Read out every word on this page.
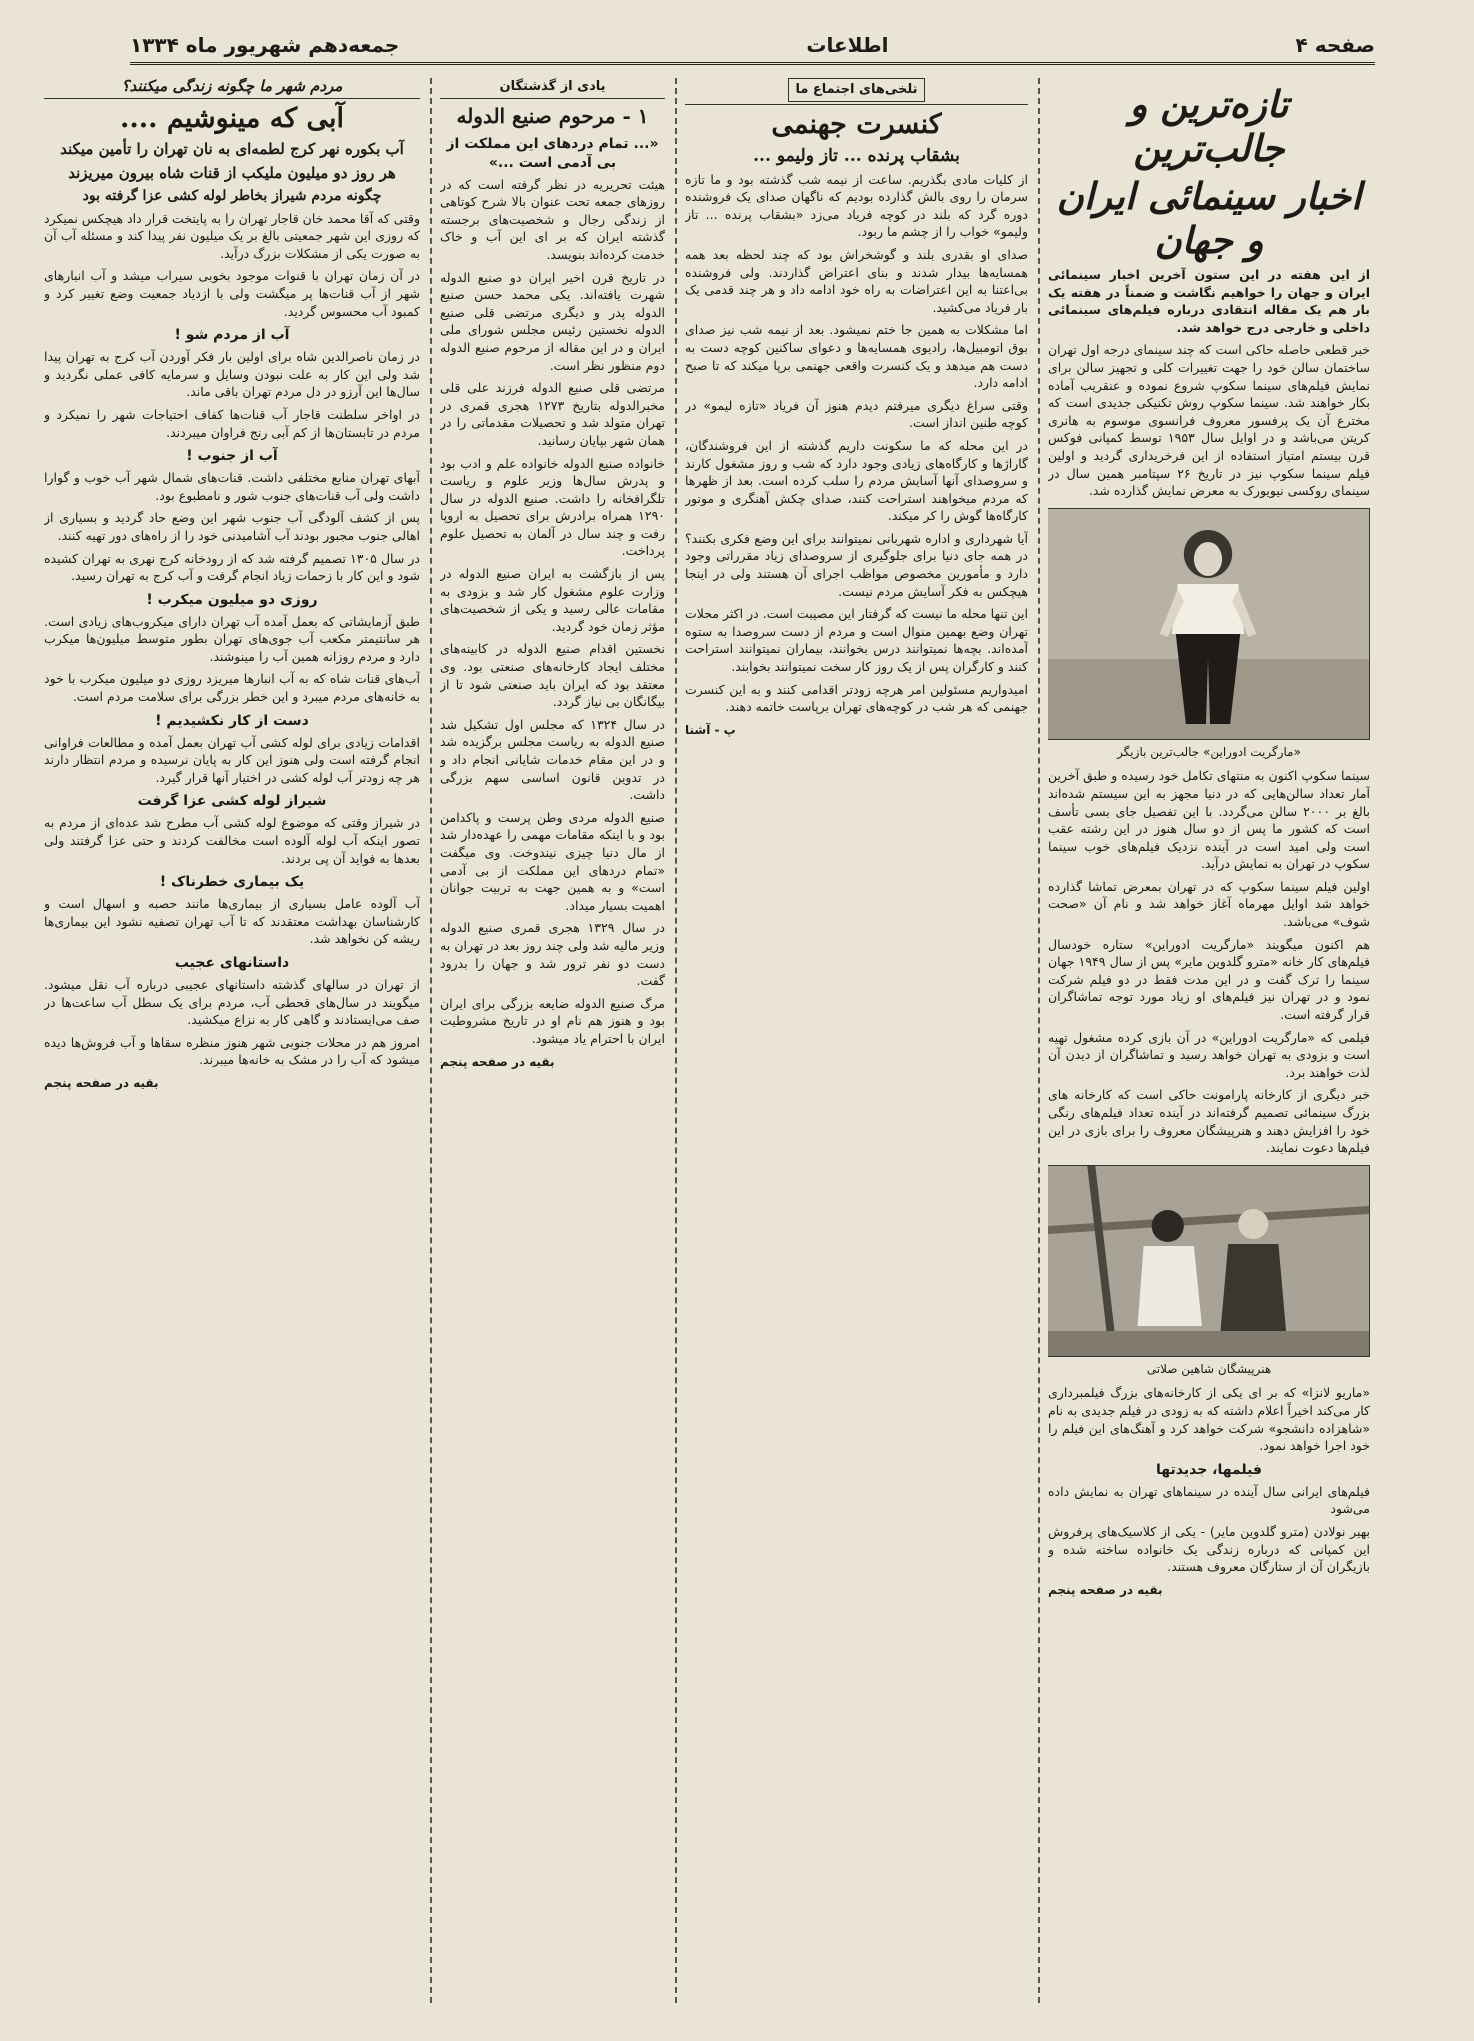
صفحه ۴
اطلاعات
جمعه‌دهم شهریور ماه ۱۳۳۴
تازه‌ترین و جالب‌ترین
اخبار سینمائی ایران و جهان

از این هفته در این ستون آخرین اخبار سینمائی ایران و جهان را خواهیم نگاشت و ضمناً در هفته یک بار هم یک مقاله انتقادی درباره فیلم‌های سینمائی داخلی و خارجی درج خواهد شد.

خبر قطعی حاصله حاکی است که چند سینمای درجه اول تهران ساختمان سالن خود را جهت تغییرات کلی و تجهیز سالن برای نمایش فیلم‌های سینما سکوپ شروع نموده و عنقریب آماده بکار خواهند شد. سینما سکوپ روش تکنیکی جدیدی است که مخترع آن یک پرفسور معروف فرانسوی موسوم به هانری کریتن می‌باشد و در اوایل سال ۱۹۵۳ توسط کمپانی فوکس قرن بیستم امتیاز استفاده از این فرخریداری گردید و اولین فیلم سینما سکوپ نیز در تاریخ ۲۶ سپتامبر همین سال در سینمای روکسی نیویورک به معرض نمایش گذارده شد.

«مارگریت ادوراین» جالب‌ترین بازیگر

سینما سکوپ اکنون به منتهای تکامل خود رسیده و طبق آخرین آمار تعداد سالن‌هایی که در دنیا مجهز به این سیستم شده‌اند بالغ بر ۲۰۰۰ سالن می‌گردد. با این تفصیل جای بسی تأسف است که کشور ما پس از دو سال هنوز در این رشته عقب است ولی امید است در آینده نزدیک فیلم‌های خوب سینما سکوپ در تهران به نمایش درآید.

اولین فیلم سینما سکوپ که در تهران بمعرض تماشا گذارده خواهد شد اوایل مهرماه آغاز خواهد شد و نام آن «صحت شوف» می‌باشد.

هم اکنون میگویند «مارگریت ادوراین» ستاره خودسال فیلم‌های کار خانه «مترو گلدوین مایر» پس از سال ۱۹۴۹ جهان سینما را ترک گفت و در این مدت فقط در دو فیلم شرکت نمود و در تهران نیز فیلم‌های او زیاد مورد توجه تماشاگران قرار گرفته است.

فیلمی که «مارگریت ادوراین» در آن بازی کرده مشغول تهیه است و بزودی به تهران خواهد رسید و تماشاگران از دیدن آن لذت خواهند برد.

خبر دیگری از کارخانه پارامونت حاکی است که کارخانه های بزرگ سینمائی تصمیم گرفته‌اند در آینده تعداد فیلم‌های رنگی خود را افزایش دهند و هنرپیشگان معروف را برای بازی در این فیلم‌ها دعوت نمایند.

هنرپیشگان شاهین صلاتی

«ماریو لانزا» که بر ای یکی از کارخانه‌های بزرگ فیلمبرداری کار می‌کند اخیراً اعلام داشته که به زودی در فیلم جدیدی به نام «شاهزاده دانشجو» شرکت خواهد کرد و آهنگ‌های این فیلم را خود اجرا خواهد نمود.

فیلمها، جدیدتها

فیلم‌های ایرانی سال آینده در سینماهای تهران به نمایش داده می‌شود

بهیر نولادن (مترو گلدوین مایر) - یکی از کلاسیک‌های پرفروش این کمپانی که درباره زندگی یک خانواده ساخته شده و بازیگران آن از ستارگان معروف هستند.

بقیه در صفحه پنجم
تلخی‌های اجتماع ما
کنسرت جهنمی
بشقاب پرنده ... تاز ولیمو ...

از کلیات مادی بگذریم. ساعت از نیمه شب گذشته بود و ما تازه سرمان را روی بالش گذارده بودیم که ناگهان صدای یک فروشنده دوره گرد که بلند در کوچه فریاد می‌زد «بشقاب پرنده ... تاز ولیمو» خواب را از چشم ما ربود.

صدای او بقدری بلند و گوشخراش بود که چند لحظه بعد همه همسایه‌ها بیدار شدند و بنای اعتراض گذاردند. ولی فروشنده بی‌اعتنا به این اعتراضات به راه خود ادامه داد و هر چند قدمی یک بار فریاد می‌کشید.

اما مشکلات به همین جا ختم نمیشود. بعد از نیمه شب نیز صدای بوق اتومبیل‌ها، رادیوی همسایه‌ها و دعوای ساکنین کوچه دست به دست هم میدهد و یک کنسرت واقعی جهنمی برپا میکند که تا صبح ادامه دارد.

وقتی سراغ دیگری میرفتم دیدم هنوز آن فریاد «تازه لیمو» در کوچه طنین انداز است.

در این محله که ما سکونت داریم گذشته از این فروشندگان، گاراژها و کارگاه‌های زیادی وجود دارد که شب و روز مشغول کارند و سروصدای آنها آسایش مردم را سلب کرده است. بعد از ظهرها که مردم میخواهند استراحت کنند، صدای چکش آهنگری و موتور کارگاه‌ها گوش را کر میکند.

آیا شهرداری و اداره شهربانی نمیتوانند برای این وضع فکری بکنند؟ در همه جای دنیا برای جلوگیری از سروصدای زیاد مقرراتی وجود دارد و مأمورین مخصوص مواظب اجرای آن هستند ولی در اینجا هیچکس به فکر آسایش مردم نیست.

این تنها محله ما نیست که گرفتار این مصیبت است. در اکثر محلات تهران وضع بهمین منوال است و مردم از دست سروصدا به ستوه آمده‌اند. بچه‌ها نمیتوانند درس بخوانند، بیماران نمیتوانند استراحت کنند و کارگران پس از یک روز کار سخت نمیتوانند بخوابند.

امیدواریم مسئولین امر هرچه زودتر اقدامی کنند و به این کنسرت جهنمی که هر شب در کوچه‌های تهران برپاست خاتمه دهند.

پ - آشنا
یادی از گذشتگان
۱ - مرحوم صنیع الدوله
«... تمام دردهای این مملکت از بی آدمی است ...»

هیئت تحریریه در نظر گرفته است که در روزهای جمعه تحت عنوان بالا شرح کوتاهی از زندگی رجال و شخصیت‌های برجسته گذشته ایران که بر ای این آب و خاک خدمت کرده‌اند بنویسد.

در تاریخ قرن اخیر ایران دو صنیع الدوله شهرت یافته‌اند. یکی محمد حسن صنیع الدوله پدر و دیگری مرتضی قلی صنیع الدوله نخستین رئیس مجلس شورای ملی ایران و در این مقاله از مرحوم صنیع الدوله دوم منظور نظر است.

مرتضی قلی صنیع الدوله فرزند علی قلی مخبرالدوله بتاریخ ۱۲۷۳ هجری قمری در تهران متولد شد و تحصیلات مقدماتی را در همان شهر بپایان رسانید.

خانواده صنیع الدوله خانواده علم و ادب بود و پدرش سال‌ها وزیر علوم و ریاست تلگرافخانه را داشت. صنیع الدوله در سال ۱۲۹۰ همراه برادرش برای تحصیل به اروپا رفت و چند سال در آلمان به تحصیل علوم پرداخت.

پس از بازگشت به ایران صنیع الدوله در وزارت علوم مشغول کار شد و بزودی به مقامات عالی رسید و یکی از شخصیت‌های مؤثر زمان خود گردید.

نخستین اقدام صنیع الدوله در کابینه‌های مختلف ایجاد کارخانه‌های صنعتی بود. وی معتقد بود که ایران باید صنعتی شود تا از بیگانگان بی نیاز گردد.

در سال ۱۳۲۴ که مجلس اول تشکیل شد صنیع الدوله به ریاست مجلس برگزیده شد و در این مقام خدمات شایانی انجام داد و در تدوین قانون اساسی سهم بزرگی داشت.

صنیع الدوله مردی وطن پرست و پاکدامن بود و با اینکه مقامات مهمی را عهده‌دار شد از مال دنیا چیزی نیندوخت. وی میگفت «تمام دردهای این مملکت از بی آدمی است» و به همین جهت به تربیت جوانان اهمیت بسیار میداد.

در سال ۱۳۲۹ هجری قمری صنیع الدوله وزیر مالیه شد ولی چند روز بعد در تهران به دست دو نفر ترور شد و جهان را بدرود گفت.

مرگ صنیع الدوله ضایعه بزرگی برای ایران بود و هنوز هم نام او در تاریخ مشروطیت ایران با احترام یاد میشود.

بقیه در صفحه پنجم
مردم شهر ما چگونه زندگی میکنند؟
آبی که مینوشیم ....
آب بکوره نهر کرج لطمه‌ای به نان تهران را تأمین میکند
هر روز دو میلیون ملیکب از قنات شاه بیرون میریزند
چگونه مردم شیراز بخاطر لوله کشی عزا گرفته بود

وقتی که آقا محمد خان قاجار تهران را به پایتخت قرار داد هیچکس نمیکرد که روزی این شهر جمعیتی بالغ بر یک میلیون نفر پیدا کند و مسئله آب آن به صورت یکی از مشکلات بزرگ درآید.

در آن زمان تهران با قنوات موجود بخوبی سیراب میشد و آب انبارهای شهر از آب قنات‌ها پر میگشت ولی با ازدیاد جمعیت وضع تغییر کرد و کمبود آب محسوس گردید.

آب از مردم شو !

در زمان ناصرالدین شاه برای اولین بار فکر آوردن آب کرج به تهران پیدا شد ولی این کار به علت نبودن وسایل و سرمایه کافی عملی نگردید و سال‌ها این آرزو در دل مردم تهران باقی ماند.

در اواخر سلطنت قاجار آب قنات‌ها کفاف احتیاجات شهر را نمیکرد و مردم در تابستان‌ها از کم آبی رنج فراوان میبردند.

آب از جنوب !

آبهای تهران منابع مختلفی داشت. قنات‌های شمال شهر آب خوب و گوارا داشت ولی آب قنات‌های جنوب شور و نامطبوع بود.

پس از کشف آلودگی آب جنوب شهر این وضع حاد گردید و بسیاری از اهالی جنوب مجبور بودند آب آشامیدنی خود را از راه‌های دور تهیه کنند.

در سال ۱۳۰۵ تصمیم گرفته شد که از رودخانه کرج نهری به تهران کشیده شود و این کار با زحمات زیاد انجام گرفت و آب کرج به تهران رسید.

روزی دو میلیون میکرب !

طبق آزمایشاتی که بعمل آمده آب تهران دارای میکروب‌های زیادی است. هر سانتیمتر مکعب آب جوی‌های تهران بطور متوسط میلیون‌ها میکرب دارد و مردم روزانه همین آب را مینوشند.

آب‌های قنات شاه که به آب انبارها میریزد روزی دو میلیون میکرب با خود به خانه‌های مردم میبرد و این خطر بزرگی برای سلامت مردم است.

دست از کار نکشیدیم !

اقدامات زیادی برای لوله کشی آب تهران بعمل آمده و مطالعات فراوانی انجام گرفته است ولی هنوز این کار به پایان نرسیده و مردم انتظار دارند هر چه زودتر آب لوله کشی در اختیار آنها قرار گیرد.

شیراز لوله کشی عزا گرفت

در شیراز وقتی که موضوع لوله کشی آب مطرح شد عده‌ای از مردم به تصور اینکه آب لوله آلوده است مخالفت کردند و حتی عزا گرفتند ولی بعدها به فواید آن پی بردند.

یک بیماری خطرناک !

آب آلوده عامل بسیاری از بیماری‌ها مانند حصبه و اسهال است و کارشناسان بهداشت معتقدند که تا آب تهران تصفیه نشود این بیماری‌ها ریشه کن نخواهد شد.

داستانهای عجیب

از تهران در سالهای گذشته داستانهای عجیبی درباره آب نقل میشود. میگویند در سال‌های قحطی آب، مردم برای یک سطل آب ساعت‌ها در صف می‌ایستادند و گاهی کار به نزاع میکشید.

امروز هم در محلات جنوبی شهر هنوز منظره سقاها و آب فروش‌ها دیده میشود که آب را در مشک به خانه‌ها میبرند.

بقیه در صفحه پنجم
